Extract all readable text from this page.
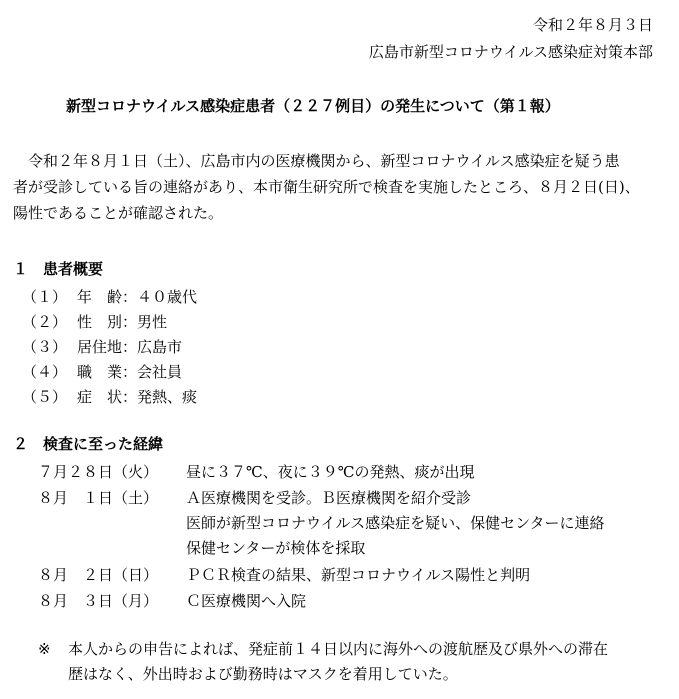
令和２年８月３日
広島市新型コロナウイルス感染症対策本部
新型コロナウイルス感染症患者（２２７例目）の発生について（第１報）
　令和２年８月１日（土）、広島市内の医療機関から、新型コロナウイルス感染症を疑う患
者が受診している旨の連絡があり、本市衛生研究所で検査を実施したところ、８月２日(日)、
陽性であることが確認された。
１ 患者概要
（１） 年　齢：４０歳代
（２） 性　別：男性
（３） 居住地：広島市
（４） 職　業：会社員
（５） 症　状：発熱、痰
２ 検査に至った経緯
７月２８日（火） 昼に３７℃、夜に３９℃の発熱、痰が出現
８月　１日（土） Ａ医療機関を受診。Ｂ医療機関を紹介受診
医師が新型コロナウイルス感染症を疑い、保健センターに連絡
保健センターが検体を採取
８月　２日（日） ＰＣＲ検査の結果、新型コロナウイルス陽性と判明
８月　３日（月） Ｃ医療機関へ入院
※ 本人からの申告によれば、発症前１４日以内に海外への渡航歴及び県外への滞在
歴はなく、外出時および勤務時はマスクを着用していた。
